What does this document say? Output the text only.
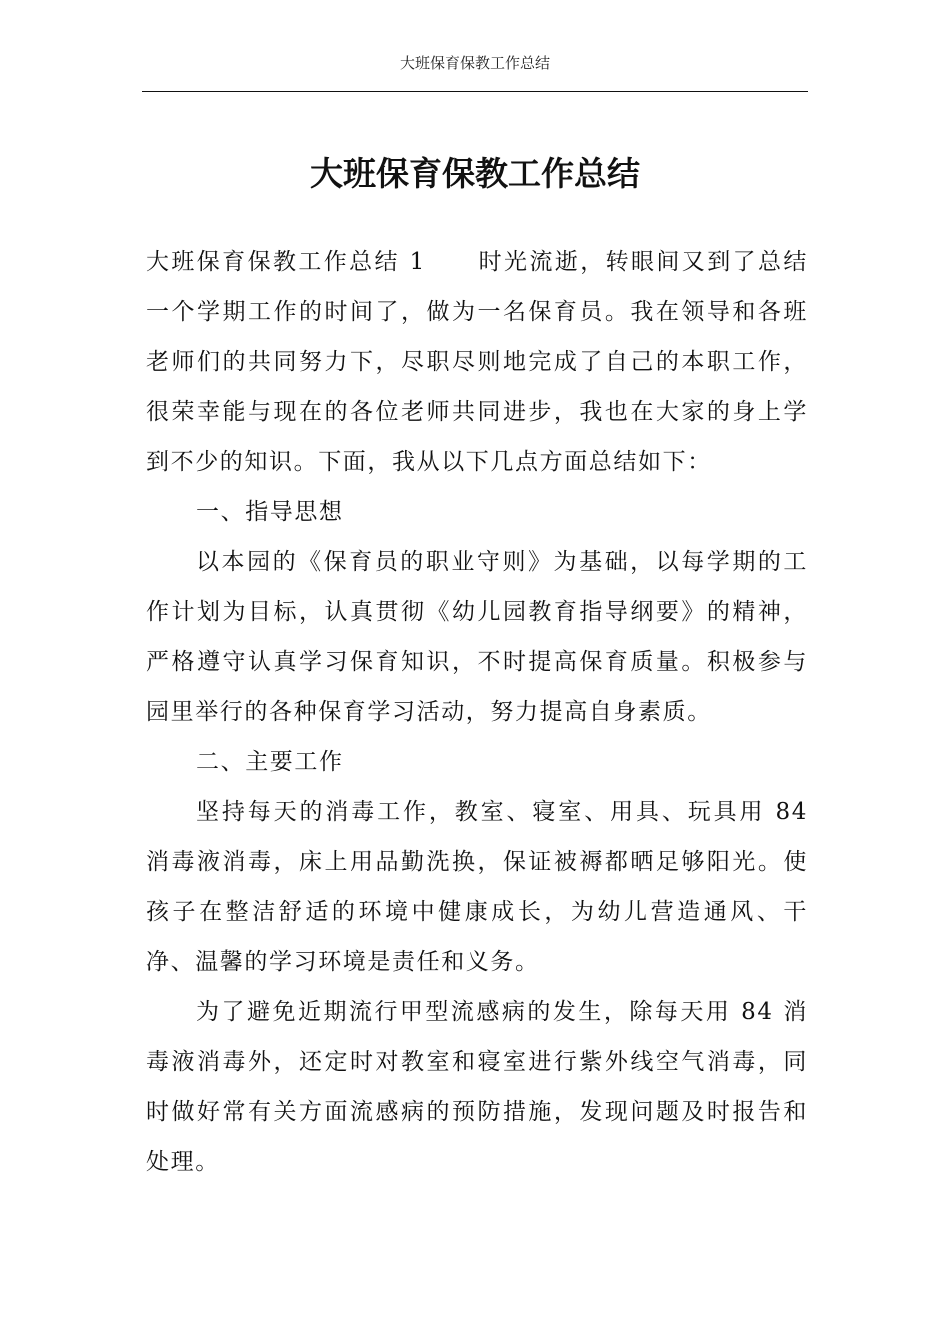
大班保育保教工作总结
大班保育保教工作总结

大班保育保教工作总结 1 时光流逝，转眼间又到了总结一个学期工作的时间了，做为一名保育员。我在领导和各班老师们的共同努力下，尽职尽则地完成了自己的本职工作，很荣幸能与现在的各位老师共同进步，我也在大家的身上学到不少的知识。下面，我从以下几点方面总结如下：

一、指导思想

以本园的《保育员的职业守则》为基础，以每学期的工作计划为目标，认真贯彻《幼儿园教育指导纲要》的精神，严格遵守认真学习保育知识，不时提高保育质量。积极参与园里举行的各种保育学习活动，努力提高自身素质。

二、主要工作

坚持每天的消毒工作，教室、寝室、用具、玩具用 84 消毒液消毒，床上用品勤洗换，保证被褥都晒足够阳光。使孩子在整洁舒适的环境中健康成长，为幼儿营造通风、干净、温馨的学习环境是责任和义务。

为了避免近期流行甲型流感病的发生，除每天用 84 消毒液消毒外，还定时对教室和寝室进行紫外线空气消毒，同时做好常有关方面流感病的预防措施，发现问题及时报告和处理。
